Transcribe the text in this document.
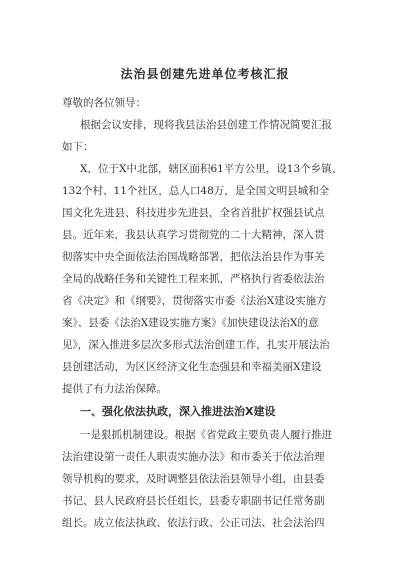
法治县创建先进单位考核汇报
尊敬的各位领导：
根据会议安排，现将我县法治县创建工作情况简要汇报
如下：
X，位于X中北部，辖区面积61平方公里，设13个乡镇、
132个村、11个社区，总人口48万，是全国文明县城和全
国文化先进县、科技进步先进县，全省首批扩权强县试点
县。近年来，我县认真学习贯彻党的二十大精神，深入贯
彻落实中央全面依法治国战略部署，把依法治县作为事关
全局的战略任务和关键性工程来抓，严格执行省委依法治
省《决定》和《纲要》，贯彻落实市委《法治X建设实施方
案》、县委《法治X建设实施方案》《加快建设法治X的意
见》，深入推进多层次多形式法治创建工作，扎实开展法治
县创建活动，为区区经济文化生态强县和幸福美丽X建设
提供了有力法治保障。
一、强化依法执政，深入推进法治X建设
一是狠抓机制建设。根据《省党政主要负责人履行推进
法治建设第一责任人职责实施办法》和市委关于依法治理
领导机构的要求，及时调整县依法治县领导小组，由县委
书记、县人民政府县长任组长，县委专职副书记任常务副
组长。成立依法执政、依法行政、公正司法、社会法治四
